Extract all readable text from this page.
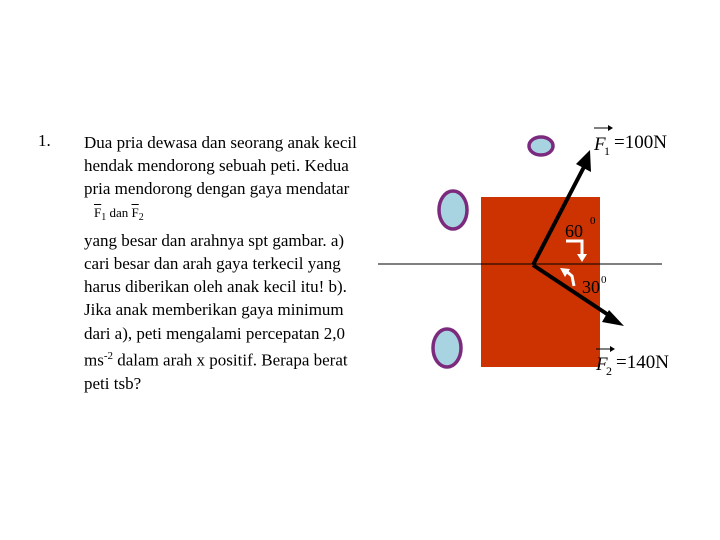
1. Dua pria dewasa dan seorang anak kecil hendak mendorong sebuah peti. Kedua pria mendorong dengan gaya mendatar $\overline{F}_1$ dan $\overline{F}_2$

yang besar dan arahnya spt gambar. a) cari besar dan arah gaya terkecil yang harus diberikan oleh anak kecil itu! b). Jika anak memberikan gaya minimum dari a), peti mengalami percepatan 2,0 $ms^{-2}$ dalam arah x positif. Berapa berat peti tsb?

60 0
30 0
F
1 =100N
F
2 =140N
